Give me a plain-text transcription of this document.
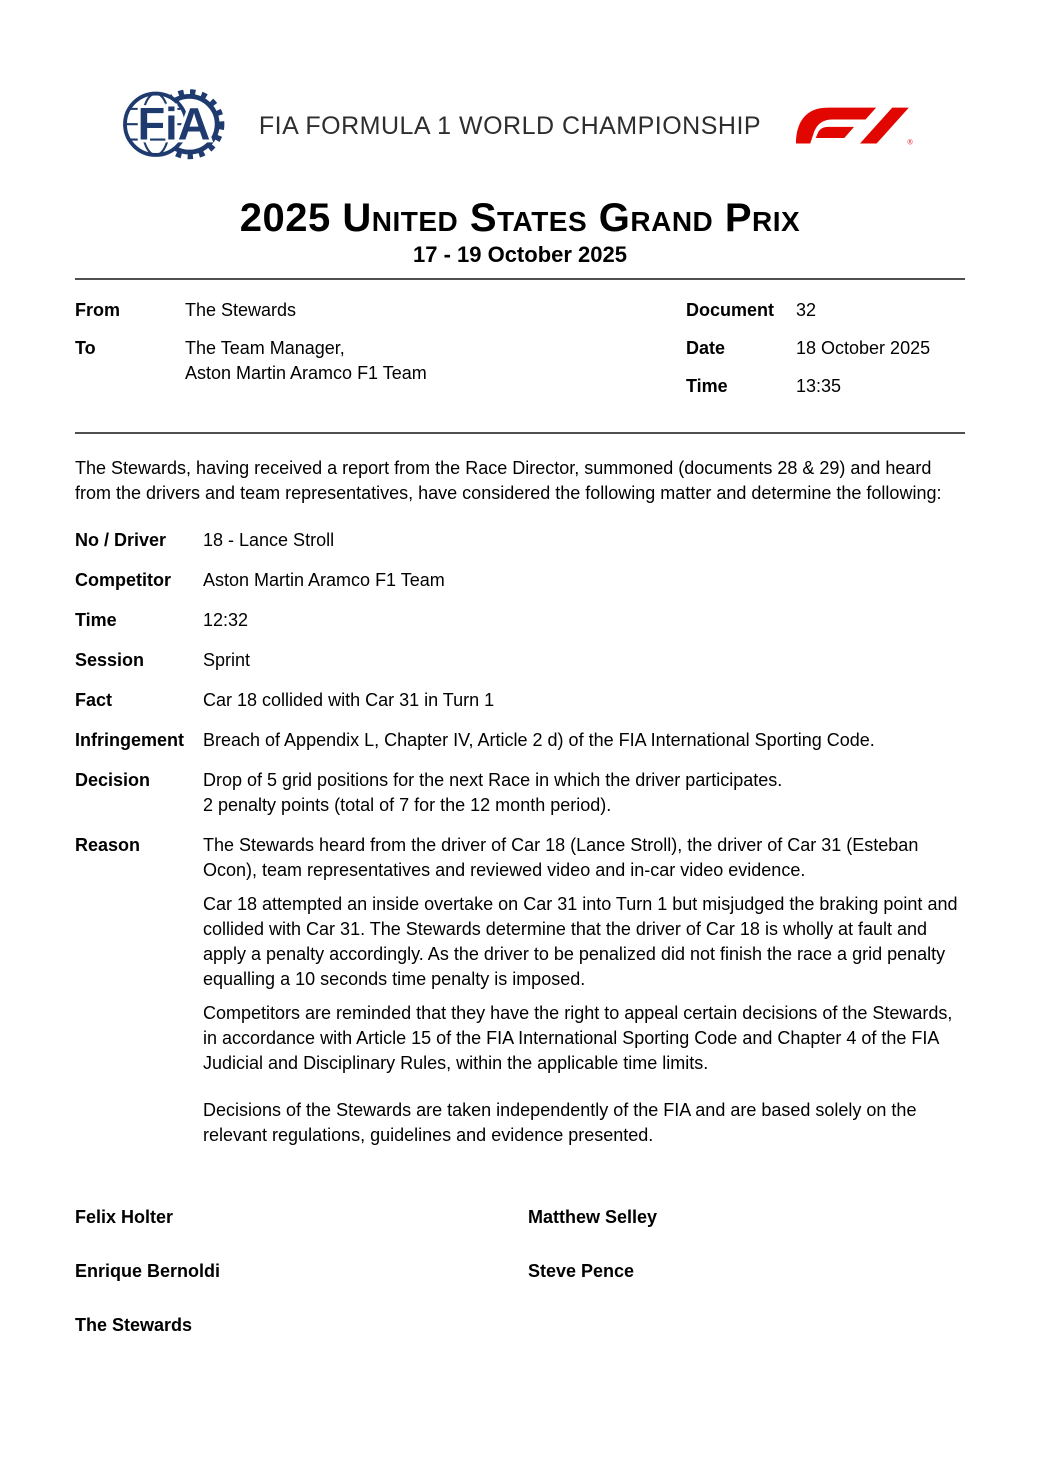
FiA	FIA FORMULA 1 WORLD CHAMPIONSHIP
®
2025 United States Grand Prix
17 - 19 October 2025
From	The Stewards
To	The Team Manager,
Aston Martin Aramco F1 Team
Document	32
Date	18 October 2025
Time	13:35

The Stewards, having received a report from the Race Director, summoned (documents 28 & 29) and heard from the drivers and team representatives, have considered the following matter and determine the following:

No / Driver	18 - Lance Stroll
Competitor	Aston Martin Aramco F1 Team
Time	12:32
Session	Sprint
Fact	Car 18 collided with Car 31 in Turn 1
Infringement	Breach of Appendix L, Chapter IV, Article 2 d) of the FIA International Sporting Code.
Decision	Drop of 5 grid positions for the next Race in which the driver participates.
2 penalty points (total of 7 for the 12 month period).
Reason	The Stewards heard from the driver of Car 18 (Lance Stroll), the driver of Car 31 (Esteban Ocon), team representatives and reviewed video and in-car video evidence.

Car 18 attempted an inside overtake on Car 31 into Turn 1 but misjudged the braking point and collided with Car 31. The Stewards determine that the driver of Car 18 is wholly at fault and apply a penalty accordingly. As the driver to be penalized did not finish the race a grid penalty equalling a 10 seconds time penalty is imposed.

Competitors are reminded that they have the right to appeal certain decisions of the Stewards, in accordance with Article 15 of the FIA International Sporting Code and Chapter 4 of the FIA Judicial and Disciplinary Rules, within the applicable time limits.

Decisions of the Stewards are taken independently of the FIA and are based solely on the relevant regulations, guidelines and evidence presented.

Felix Holter	Matthew Selley
Enrique Bernoldi	Steve Pence
The Stewards
